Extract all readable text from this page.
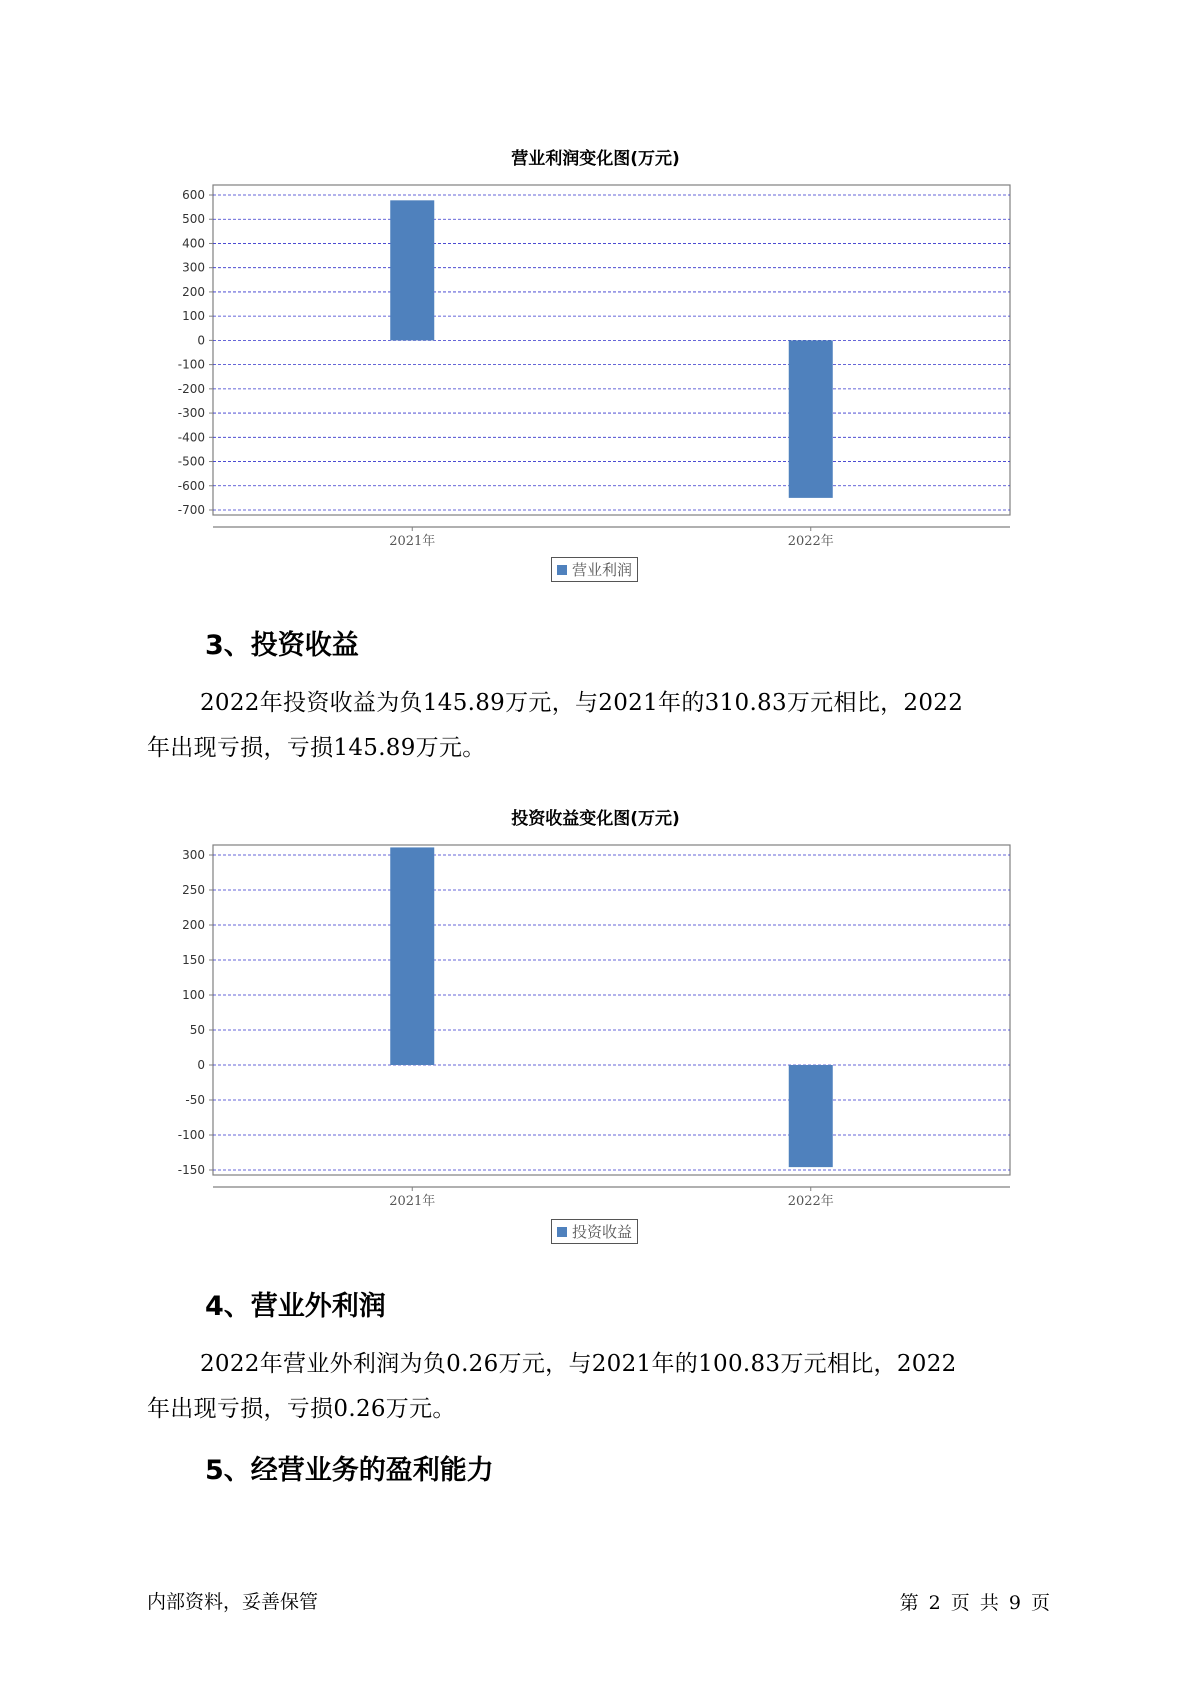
营业利润变化图(万元)
600
500
400
300
200
100
0
-100
-200
-300
-400
-500
-600
-700
2021年	2022年
营业利润
3、投资收益
2022年投资收益为负145.89万元，与2021年的310.83万元相比，2022
年出现亏损，亏损145.89万元。
投资收益变化图(万元)
300
250
200
150
100
50
0
-50
-100
-150
2021年	2022年
投资收益
4、营业外利润
2022年营业外利润为负0.26万元，与2021年的100.83万元相比，2022
年出现亏损，亏损0.26万元。
5、经营业务的盈利能力
内部资料，妥善保管	第 2 页 共 9 页
